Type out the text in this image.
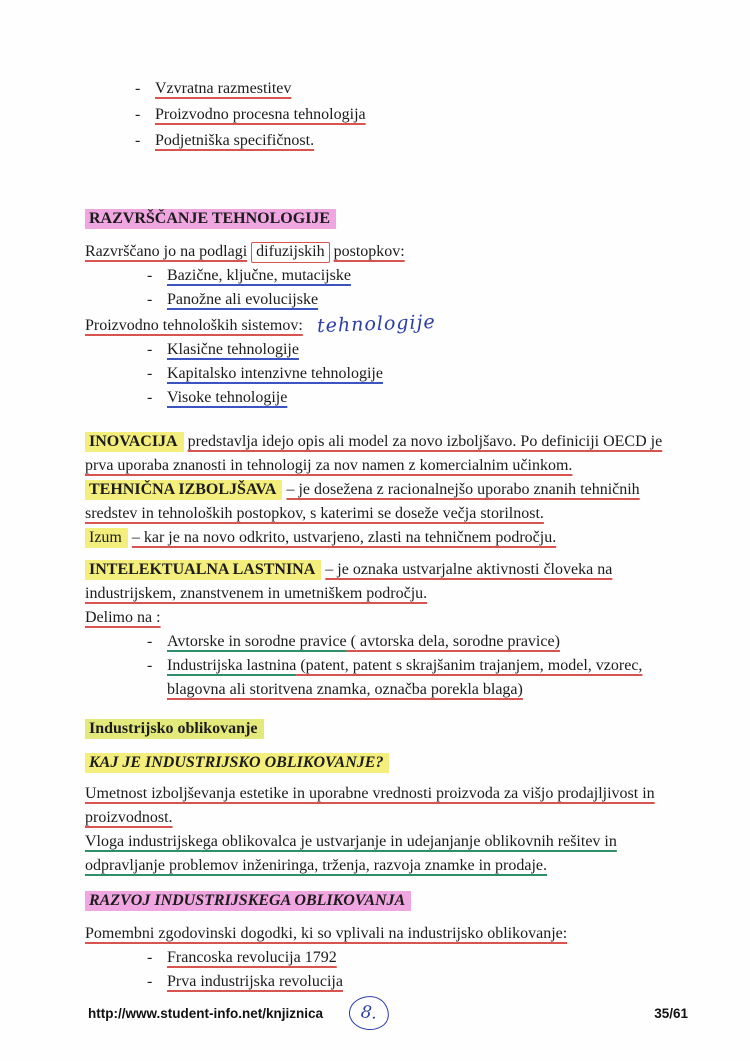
- Vzvratna razmestitev
- Proizvodno procesna tehnologija
- Podjetniška specifičnost.
RAZVRŠČANJE TEHNOLOGIJE

Razvrščano jo na podlagi difuzijskih postopkov:

- Bazične, ključne, mutacijske
- Panožne ali evolucijske

Proizvodno tehnoloških sistemov: tehnologije

- Klasične tehnologije
- Kapitalsko intenzivne tehnologije
- Visoke tehnologije

INOVACIJA predstavlja idejo opis ali model za novo izboljšavo. Po definiciji OECD je prva uporaba znanosti in tehnologij za nov namen z komercialnim učinkom.

TEHNIČNA IZBOLJŠAVA – je dosežena z racionalnejšo uporabo znanih tehničnih sredstev in tehnoloških postopkov, s katerimi se doseže večja storilnost.

Izum – kar je na novo odkrito, ustvarjeno, zlasti na tehničnem področju.

INTELEKTUALNA LASTNINA – je oznaka ustvarjalne aktivnosti človeka na industrijskem, znanstvenem in umetniškem področju.

Delimo na :

- Avtorske in sorodne pravice ( avtorska dela, sorodne pravice)
- Industrijska lastnina (patent, patent s skrajšanim trajanjem, model, vzorec, blagovna ali storitvena znamka, označba porekla blaga)
Industrijsko oblikovanje
KAJ JE INDUSTRIJSKO OBLIKOVANJE?

Umetnost izboljševanja estetike in uporabne vrednosti proizvoda za višjo prodajljivost in proizvodnost.

Vloga industrijskega oblikovalca je ustvarjanje in udejanjanje oblikovnih rešitev in odpravljanje problemov inženiringa, trženja, razvoja znamke in prodaje.

RAZVOJ INDUSTRIJSKEGA OBLIKOVANJA

Pomembni zgodovinski dogodki, ki so vplivali na industrijsko oblikovanje:

- Francoska revolucija 1792
- Prva industrijska revolucija
http://www.student-info.net/knjiznica 8.	35/61
